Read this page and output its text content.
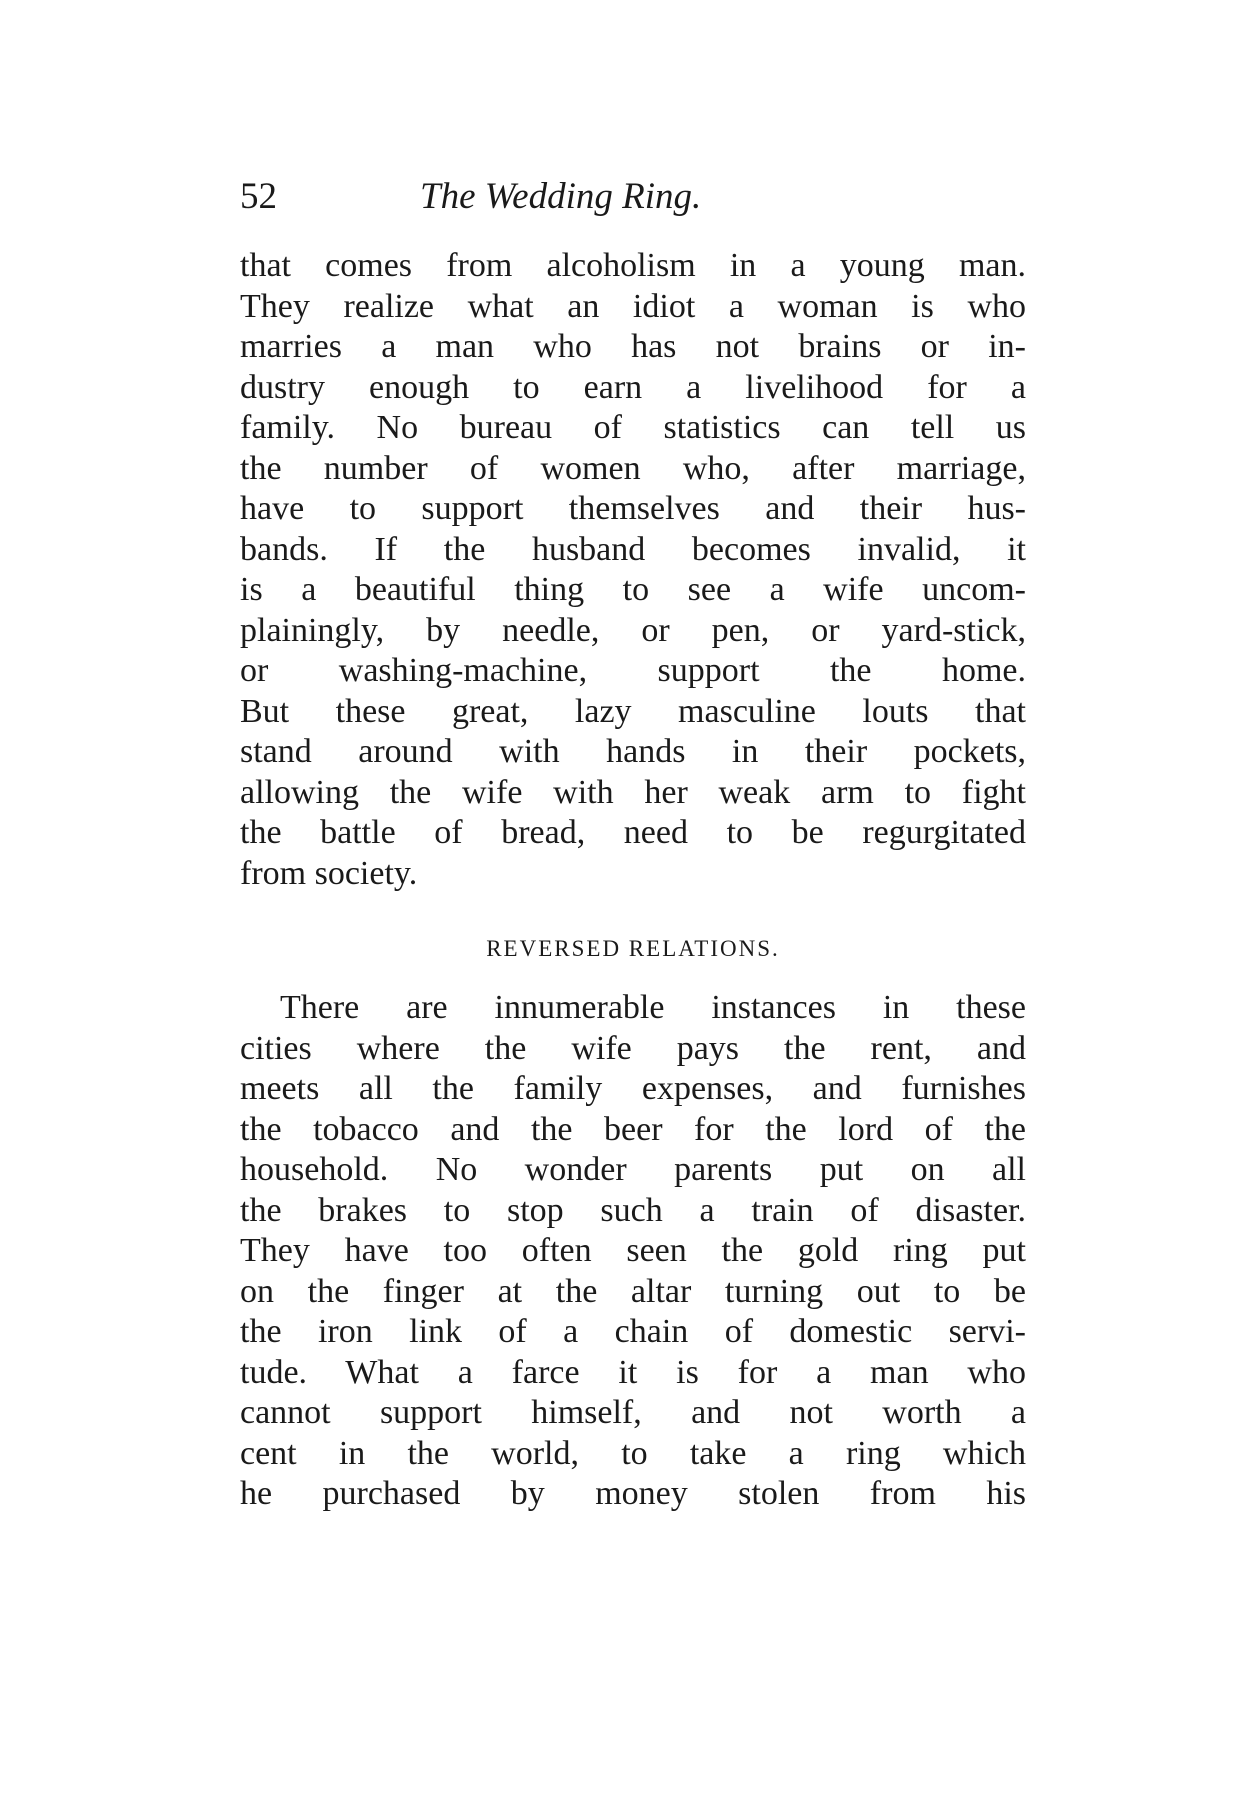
52	The Wedding Ring.
that comes from alcoholism in a young man.
They realize what an idiot a woman is who
marries a man who has not brains or in-
dustry enough to earn a livelihood for a
family. No bureau of statistics can tell us
the number of women who, after marriage,
have to support themselves and their hus-
bands. If the husband becomes invalid, it
is a beautiful thing to see a wife uncom-
plainingly, by needle, or pen, or yard-stick,
or washing-machine, support the home.
But these great, lazy masculine louts that
stand around with hands in their pockets,
allowing the wife with her weak arm to fight
the battle of bread, need to be regurgitated
from society.
REVERSED RELATIONS.
There are innumerable instances in these
cities where the wife pays the rent, and
meets all the family expenses, and furnishes
the tobacco and the beer for the lord of the
household. No wonder parents put on all
the brakes to stop such a train of disaster.
They have too often seen the gold ring put
on the finger at the altar turning out to be
the iron link of a chain of domestic servi-
tude. What a farce it is for a man who
cannot support himself, and not worth a
cent in the world, to take a ring which
he purchased by money stolen from his
